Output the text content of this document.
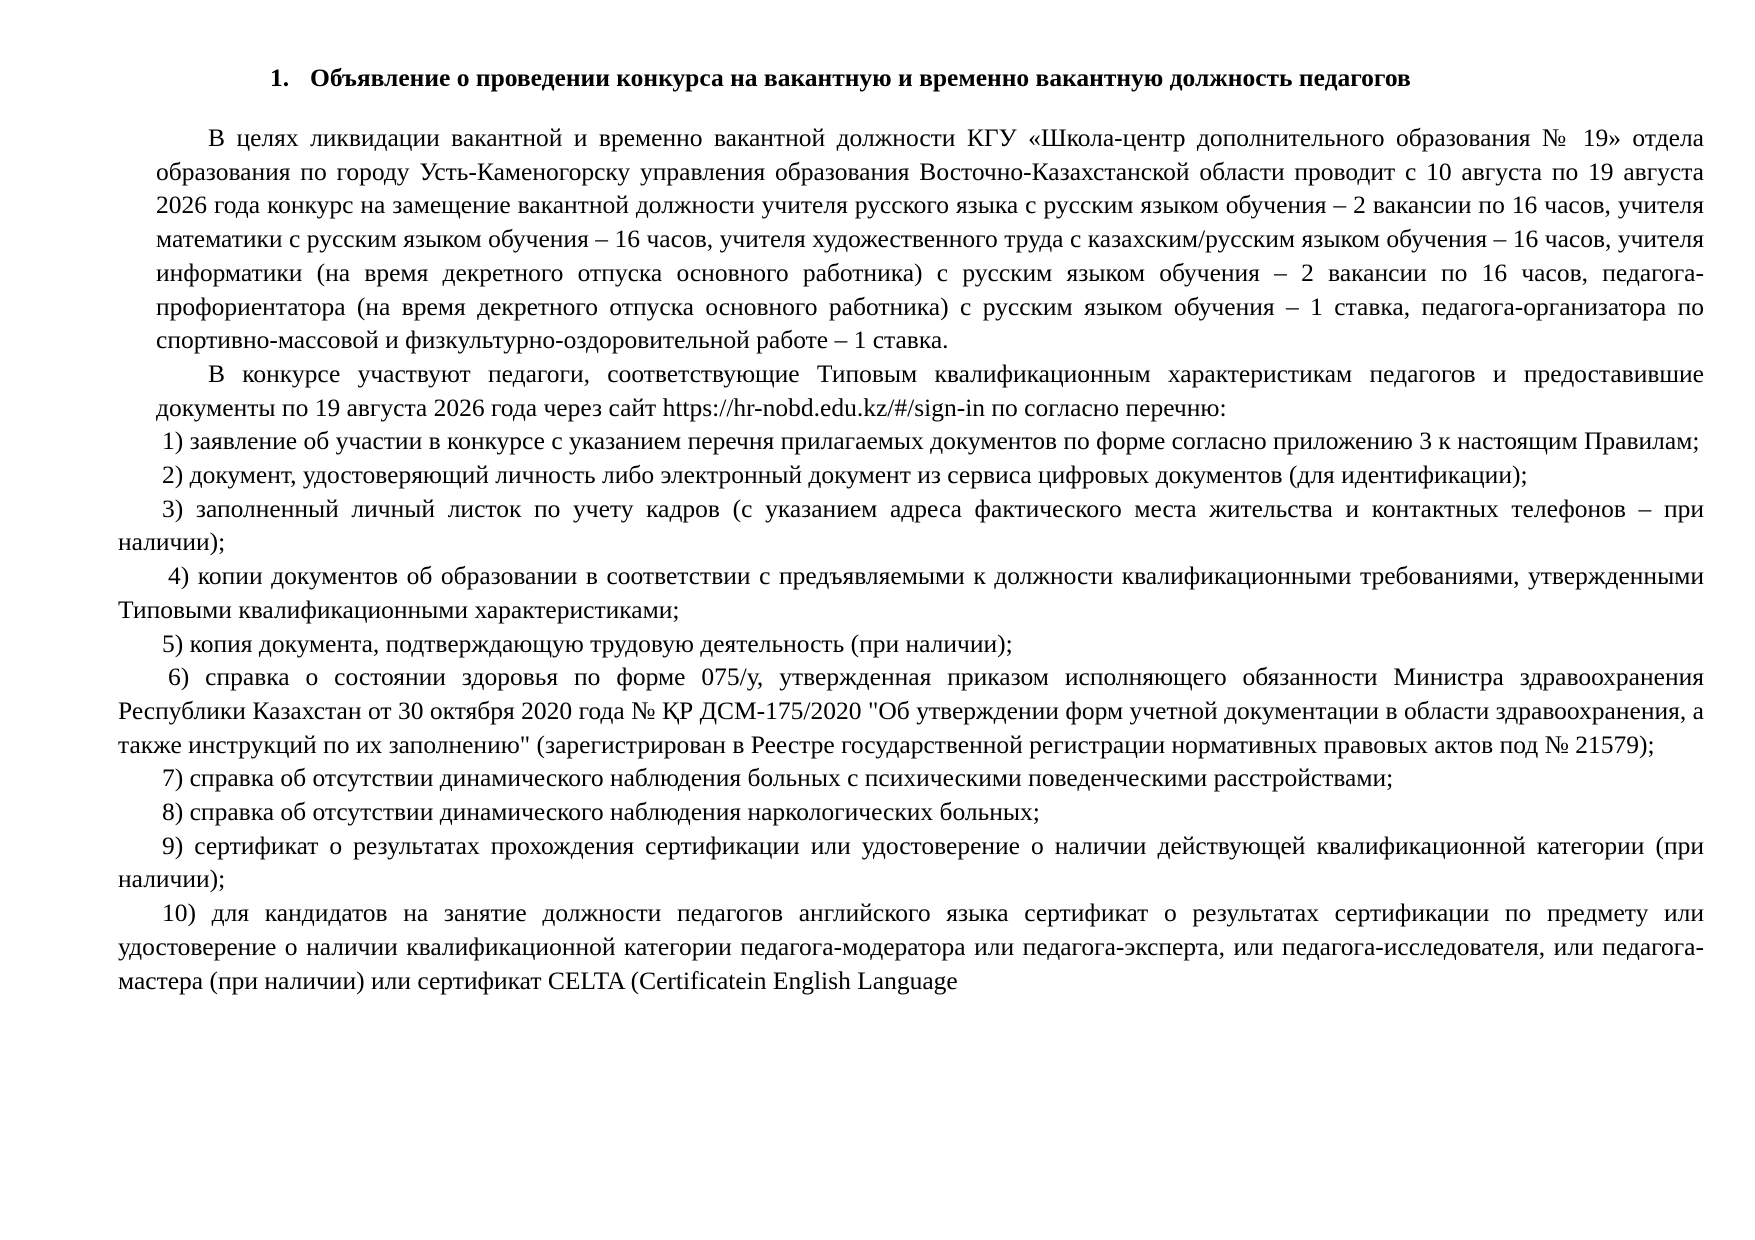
1. Объявление о проведении конкурса на вакантную и временно вакантную должность педагогов

В целях ликвидации вакантной и временно вакантной должности КГУ «Школа-центр дополнительного образования № 19» отдела образования по городу Усть-Каменогорску управления образования Восточно-Казахстанской области проводит с 10 августа по 19 августа 2026 года конкурс на замещение вакантной должности учителя русского языка с русским языком обучения – 2 вакансии по 16 часов, учителя математики с русским языком обучения – 16 часов, учителя художественного труда с казахским/русским языком обучения – 16 часов, учителя информатики (на время декретного отпуска основного работника) с русским языком обучения – 2 вакансии по 16 часов, педагога-профориентатора (на время декретного отпуска основного работника) с русским языком обучения – 1 ставка, педагога-организатора по спортивно-массовой и физкультурно-оздоровительной работе – 1 ставка.

В конкурсе участвуют педагоги, соответствующие Типовым квалификационным характеристикам педагогов и предоставившие документы по 19 августа 2026 года через сайт https://hr-nobd.edu.kz/#/sign-in по согласно перечню:

1) заявление об участии в конкурсе с указанием перечня прилагаемых документов по форме согласно приложению 3 к настоящим Правилам;

2) документ, удостоверяющий личность либо электронный документ из сервиса цифровых документов (для идентификации);

3) заполненный личный листок по учету кадров (с указанием адреса фактического места жительства и контактных телефонов – при наличии);

4) копии документов об образовании в соответствии с предъявляемыми к должности квалификационными требованиями, утвержденными Типовыми квалификационными характеристиками;

5) копия документа, подтверждающую трудовую деятельность (при наличии);

6) справка о состоянии здоровья по форме 075/у, утвержденная приказом исполняющего обязанности Министра здравоохранения Республики Казахстан от 30 октября 2020 года № ҚР ДСМ-175/2020 "Об утверждении форм учетной документации в области здравоохранения, а также инструкций по их заполнению" (зарегистрирован в Реестре государственной регистрации нормативных правовых актов под № 21579);

7) справка об отсутствии динамического наблюдения больных с психическими поведенческими расстройствами;

8) справка об отсутствии динамического наблюдения наркологических больных;

9) сертификат о результатах прохождения сертификации или удостоверение о наличии действующей квалификационной категории (при наличии);

10) для кандидатов на занятие должности педагогов английского языка сертификат о результатах сертификации по предмету или удостоверение о наличии квалификационной категории педагога-модератора или педагога-эксперта, или педагога-исследователя, или педагога-мастера (при наличии) или сертификат CELTA (Certificatein English Language
